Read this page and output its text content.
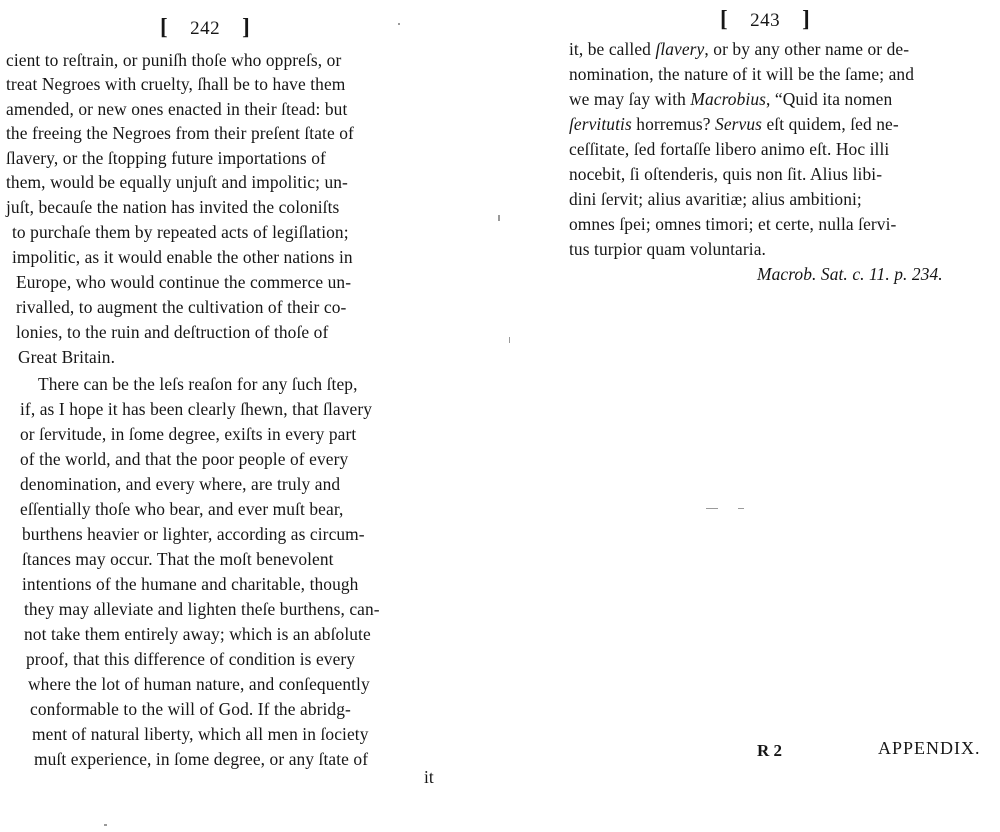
[ 242 ]
cient to reſtrain, or puniſh thoſe who oppreſs, or
treat Negroes with cruelty, ſhall be to have them
amended, or new ones enacted in their ſtead: but
the freeing the Negroes from their preſent ſtate of
ſlavery, or the ſtopping future importations of
them, would be equally unjuſt and impolitic; un-
juſt, becauſe the nation has invited the coloniſts
to purchaſe them by repeated acts of legiſlation;
impolitic, as it would enable the other nations in
Europe, who would continue the commerce un-
rivalled, to augment the cultivation of their co-
lonies, to the ruin and deſtruction of thoſe of
Great Britain.
There can be the leſs reaſon for any ſuch ſtep,
if, as I hope it has been clearly ſhewn, that ſlavery
or ſervitude, in ſome degree, exiſts in every part
of the world, and that the poor people of every
denomination, and every where, are truly and
eſſentially thoſe who bear, and ever muſt bear,
burthens heavier or lighter, according as circum-
ſtances may occur. That the moſt benevolent
intentions of the humane and charitable, though
they may alleviate and lighten theſe burthens, can-
not take them entirely away; which is an abſolute
proof, that this difference of condition is every
where the lot of human nature, and conſequently
conformable to the will of God. If the abridg-
ment of natural liberty, which all men in ſociety
muſt experience, in ſome degree, or any ſtate of
it
[ 243 ]
it, be called ſlavery, or by any other name or de-
nomination, the nature of it will be the ſame; and
we may ſay with Macrobius, “Quid ita nomen
ſervitutis horremus? Servus eſt quidem, ſed ne-
ceſſitate, ſed fortaſſe libero animo eſt. Hoc illi
nocebit, ſi oſtenderis, quis non ſit. Alius libi-
dini ſervit; alius avaritiæ; alius ambitioni;
omnes ſpei; omnes timori; et certe, nulla ſervi-
tus turpior quam voluntaria.
Macrob. Sat. c. 11. p. 234.
R 2	APPENDIX.
